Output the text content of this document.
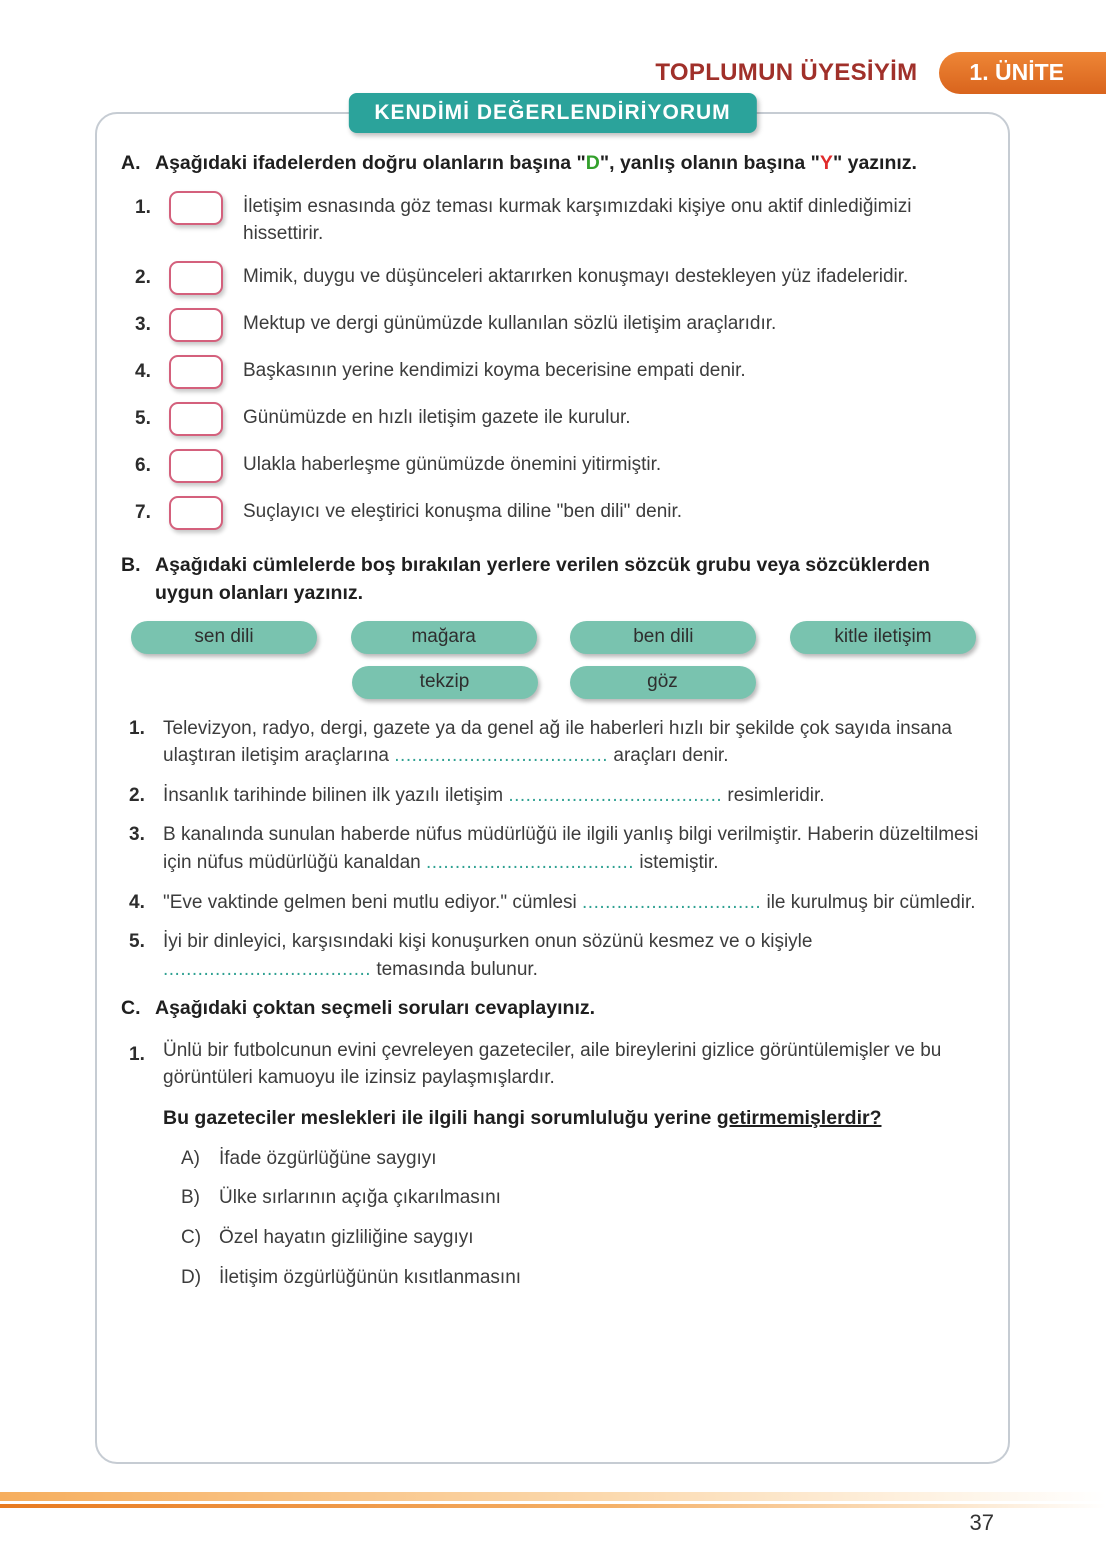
TOPLUMUN ÜYESİYİM	1. ÜNİTE
KENDİMİ DEĞERLENDİRİYORUM
A. Aşağıdaki ifadelerden doğru olanların başına "D", yanlış olanın başına "Y" yazınız.
1.	İletişim esnasında göz teması kurmak karşımızdaki kişiye onu aktif dinlediğimizi hissettirir.
2.	Mimik, duygu ve düşünceleri aktarırken konuşmayı destekleyen yüz ifadeleridir.
3.	Mektup ve dergi günümüzde kullanılan sözlü iletişim araçlarıdır.
4.	Başkasının yerine kendimizi koyma becerisine empati denir.
5.	Günümüzde en hızlı iletişim gazete ile kurulur.
6.	Ulakla haberleşme günümüzde önemini yitirmiştir.
7.	Suçlayıcı ve eleştirici konuşma diline "ben dili" denir.
B. Aşağıdaki cümlelerde boş bırakılan yerlere verilen sözcük grubu veya sözcüklerden uygun olanları yazınız.
sen dili	mağara	ben dili	kitle iletişim
tekzip	göz
1. Televizyon, radyo, dergi, gazete ya da genel ağ ile haberleri hızlı bir şekilde çok sayıda insana ulaştıran iletişim araçlarına ..................................... araçları denir.
2. İnsanlık tarihinde bilinen ilk yazılı iletişim ..................................... resimleridir.
3. B kanalında sunulan haberde nüfus müdürlüğü ile ilgili yanlış bilgi verilmiştir. Haberin düzeltilmesi için nüfus müdürlüğü kanaldan .................................... istemiştir.
4. "Eve vaktinde gelmen beni mutlu ediyor." cümlesi ............................... ile kurulmuş bir cümledir.
5. İyi bir dinleyici, karşısındaki kişi konuşurken onun sözünü kesmez ve o kişiyle .................................... temasında bulunur.
C. Aşağıdaki çoktan seçmeli soruları cevaplayınız.
1. Ünlü bir futbolcunun evini çevreleyen gazeteciler, aile bireylerini gizlice görüntülemişler ve bu görüntüleri kamuoyu ile izinsiz paylaşmışlardır.
Bu gazeteciler meslekleri ile ilgili hangi sorumluluğu yerine getirmemişlerdir?
A)	İfade özgürlüğüne saygıyı
B)	Ülke sırlarının açığa çıkarılmasını
C) Özel hayatın gizliliğine saygıyı
D) İletişim özgürlüğünün kısıtlanmasını
37
